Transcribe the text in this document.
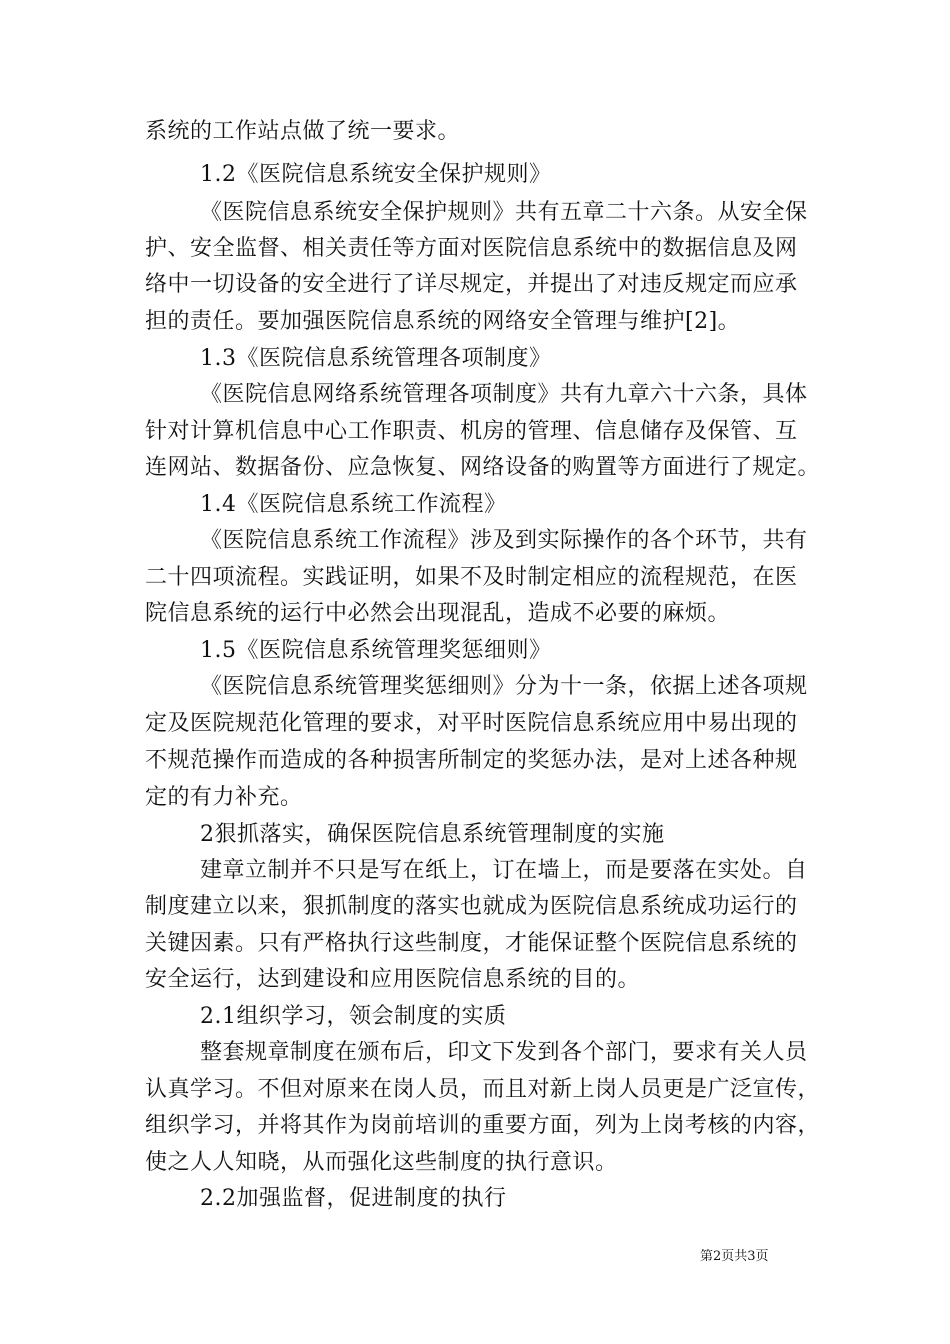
系统的工作站点做了统一要求。
1.2《医院信息系统安全保护规则》
《医院信息系统安全保护规则》共有五章二十六条。从安全保
护、安全监督、相关责任等方面对医院信息系统中的数据信息及网
络中一切设备的安全进行了详尽规定，并提出了对违反规定而应承
担的责任。要加强医院信息系统的网络安全管理与维护[2]。
1.3《医院信息系统管理各项制度》
《医院信息网络系统管理各项制度》共有九章六十六条，具体
针对计算机信息中心工作职责、机房的管理、信息储存及保管、互
连网站、数据备份、应急恢复、网络设备的购置等方面进行了规定。
1.4《医院信息系统工作流程》
《医院信息系统工作流程》涉及到实际操作的各个环节，共有
二十四项流程。实践证明，如果不及时制定相应的流程规范，在医
院信息系统的运行中必然会出现混乱，造成不必要的麻烦。
1.5《医院信息系统管理奖惩细则》
《医院信息系统管理奖惩细则》分为十一条，依据上述各项规
定及医院规范化管理的要求，对平时医院信息系统应用中易出现的
不规范操作而造成的各种损害所制定的奖惩办法，是对上述各种规
定的有力补充。
2狠抓落实，确保医院信息系统管理制度的实施
建章立制并不只是写在纸上，订在墙上，而是要落在实处。自
制度建立以来，狠抓制度的落实也就成为医院信息系统成功运行的
关键因素。只有严格执行这些制度，才能保证整个医院信息系统的
安全运行，达到建设和应用医院信息系统的目的。
2.1组织学习，领会制度的实质
整套规章制度在颁布后，印文下发到各个部门，要求有关人员
认真学习。不但对原来在岗人员，而且对新上岗人员更是广泛宣传，
组织学习，并将其作为岗前培训的重要方面，列为上岗考核的内容，
使之人人知晓，从而强化这些制度的执行意识。
2.2加强监督，促进制度的执行
第2页共3页
